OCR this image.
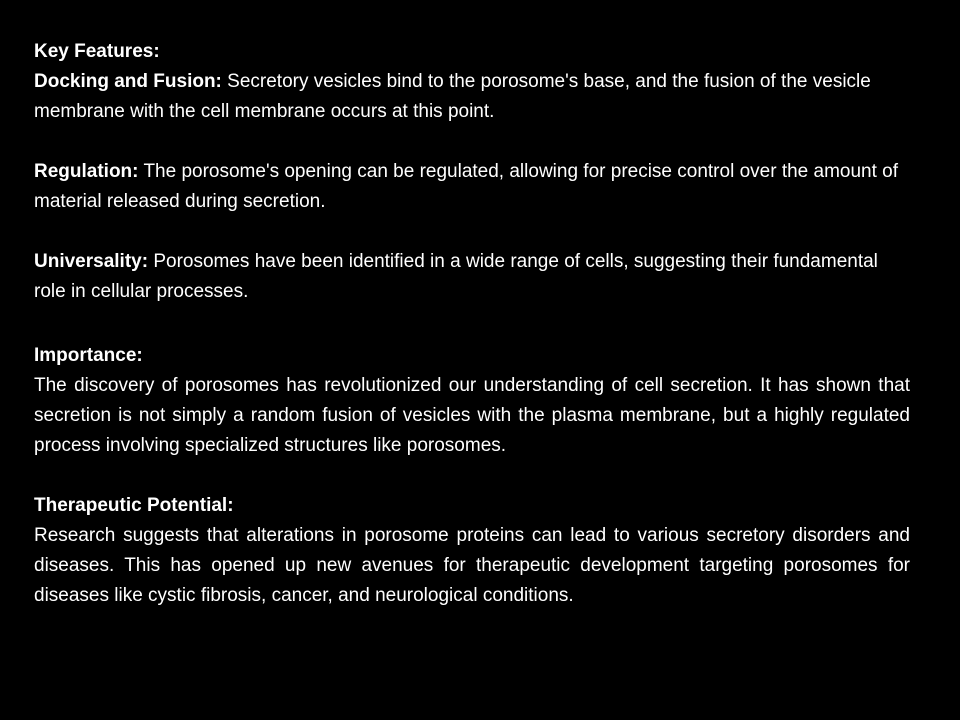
Key Features:

Docking and Fusion: Secretory vesicles bind to the porosome's base, and the fusion of the vesicle membrane with the cell membrane occurs at this point.

Regulation: The porosome's opening can be regulated, allowing for precise control over the amount of material released during secretion.

Universality: Porosomes have been identified in a wide range of cells, suggesting their fundamental role in cellular processes.

Importance:

The discovery of porosomes has revolutionized our understanding of cell secretion. It has shown that secretion is not simply a random fusion of vesicles with the plasma membrane, but a highly regulated process involving specialized structures like porosomes.

Therapeutic Potential:

Research suggests that alterations in porosome proteins can lead to various secretory disorders and diseases. This has opened up new avenues for therapeutic development targeting porosomes for diseases like cystic fibrosis, cancer, and neurological conditions.
